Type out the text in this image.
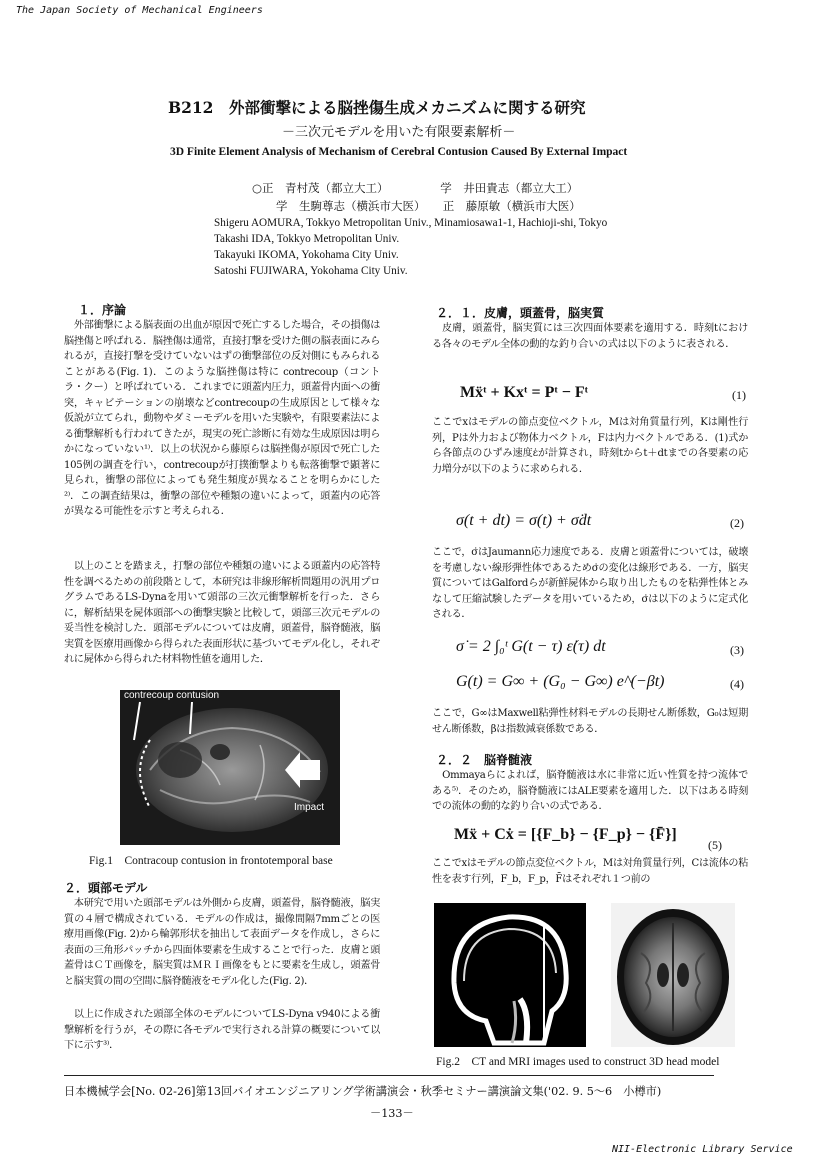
The Japan Society of Mechanical Engineers
NII-Electronic Library Service
B212　外部衝撃による脳挫傷生成メカニズムに関する研究
－三次元モデルを用いた有限要素解析－
3D Finite Element Analysis of Mechanism of Cerebral Contusion Caused By External Impact
○正　青村茂（都立大工）　　　　　学　井田貴志（都立大工）
学　生駒尊志（横浜市大医）　　正　藤原敏（横浜市大医）
Shigeru AOMURA, Tokkyo Metropolitan Univ., Minamiosawa1-1, Hachioji-shi, Tokyo
Takashi IDA, Tokkyo Metropolitan Univ.
Takayuki IKOMA, Yokohama City Univ.
Satoshi FUJIWARA, Yokohama City Univ.
１．序論

　外部衝撃による脳表面の出血が原因で死亡するした場合，その損傷は脳挫傷と呼ばれる．脳挫傷は通常，直接打撃を受けた側の脳表面にみられるが，直接打撃を受けていないはずの衝撃部位の反対側にもみられることがある(Fig. 1)．このような脳挫傷は特に contrecoup（コントラ・クー）と呼ばれている．これまでに頭蓋内圧力，頭蓋骨内面への衝突，キャビテーションの崩壊などcontrecoupの生成原因として様々な仮説が立てられ，動物やダミーモデルを用いた実験や，有限要素法による衝撃解析も行われてきたが，現実の死亡診断に有効な生成原因は明らかになっていない¹⁾．以上の状況から藤原らは脳挫傷が原因で死亡した105例の調査を行い，contrecoupが打撲衝撃よりも転落衝撃で顕著に見られ，衝撃の部位によっても発生頻度が異なることを明らかにした²⁾．この調査結果は，衝撃の部位や種類の違いによって，頭蓋内の応答が異なる可能性を示すと考えられる．

　以上のことを踏まえ，打撃の部位や種類の違いによる頭蓋内の応答特性を調べるための前段階として，本研究は非線形解析問題用の汎用プログラムであるLS-Dynaを用いて頭部の三次元衝撃解析を行った．さらに，解析結果を屍体頭部への衝撃実験と比較して，頭部三次元モデルの妥当性を検討した．頭部モデルについては皮膚，頭蓋骨，脳脊髄液，脳実質を医療用画像から得られた表面形状に基づいてモデル化し，それぞれに屍体から得られた材料物性値を適用した．

contrecoup contusion
Impact
Fig.1　Contracoup contusion in frontotemporal base
２．頭部モデル

　本研究で用いた頭部モデルは外側から皮膚，頭蓋骨，脳脊髄液，脳実質の４層で構成されている．モデルの作成は，撮像間隔7mmごとの医療用画像(Fig. 2)から輪郭形状を抽出して表面データを作成し，さらに表面の三角形パッチから四面体要素を生成することで行った．皮膚と頭蓋骨はＣＴ画像を，脳実質はＭＲＩ画像をもとに要素を生成し，頭蓋骨と脳実質の間の空間に脳脊髄液をモデル化した(Fig. 2)．

　以上に作成された頭部全体のモデルについてLS-Dyna v940による衝撃解析を行うが，その際に各モデルで実行される計算の概要について以下に示す³⁾．

２．１．皮膚，頭蓋骨，脳実質

　皮膚，頭蓋骨，脳実質には三次四面体要素を適用する．時刻tにおける各々のモデル全体の動的な釣り合いの式は以下のように表される．

Mẍᵗ + Kxᵗ = Pᵗ − Fᵗ	(1)

ここでxはモデルの節点変位ベクトル，Mは対角質量行列，Kは剛性行列，Pは外力および物体力ベクトル，Fは内力ベクトルである．(1)式から各節点のひずみ速度ε̇が計算され，時刻tからt＋dtまでの各要素の応力増分が以下のように求められる．

σ(t + dt) = σ(t) + σ̇dt	(2)

ここで，σ̇はJaumann応力速度である．皮膚と頭蓋骨については，破壊を考慮しない線形弾性体であるためσ̇の変化は線形である．一方，脳実質についてはGalfordらが新鮮屍体から取り出したものを粘弾性体とみなして圧縮試験したデータを用いているため，σ̇は以下のように定式化される．

σ̇ = 2 ∫₀ᵗ G(t − τ) ε̇(τ) dt	(3)
G(t) = G∞ + (G₀ − G∞) e^(−βt)	(4)

ここで，G∞はMaxwell粘弾性材料モデルの長期せん断係数，G₀は短期せん断係数，βは指数減衰係数である．

２．２　脳脊髄液

　Ommayaらによれば，脳脊髄液は水に非常に近い性質を持つ流体である⁵⁾．そのため，脳脊髄液にはALE要素を適用した．以下はある時刻での流体の動的な釣り合いの式である．

Mẍ + Cẋ = [{F_b} − {F_p} − {F̄}]
(5)

ここでxはモデルの節点変位ベクトル，Mは対角質量行列，Cは流体の粘性を表す行列，F_b，F_p，F̄はそれぞれ１つ前の

Fig.2　CT and MRI images used to construct 3D head model
日本機械学会[No. 02-26]第13回バイオエンジニアリング学術講演会・秋季セミナー講演論文集('02. 9. 5〜6　小樽市)
－133－
